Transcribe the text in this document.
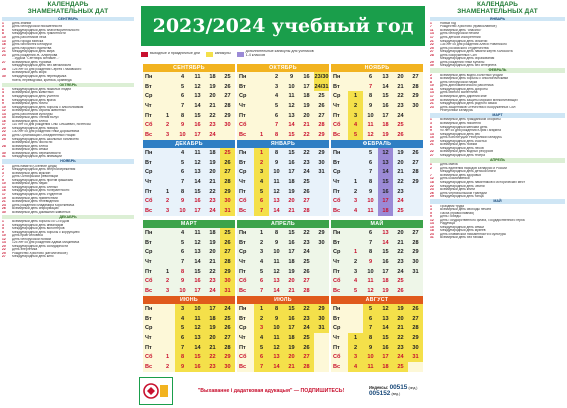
КАЛЕНДАРЬ
ЗНАМЕНАТЕЛЬНЫХ ДАТ
СЕНТЯБРЬ
1 День знаний
3 День белорусской письменности
6 Международный день благотворительности
8 Международный день грамотности
10 День работников леса
13 День города Минска
16 День библиотек Беларуси
17 День народного единства
21 Международный день мира
23 День рождения Ж. Алфёрова
...судьба "Сентябрь Великие..."
27 Всемирный день туризма
Международный день без автомобиля
28 125 лет со дня рождения Сергея Глазовского
Всемирный день моря
30 Международный день переводчика
поэта, переводчика, критика, краеведа
ОКТЯБРЬ
1 Международный день пожилых людей
4 Всемирный день животных
5 Международный день учителя
6 Международный день врача
9 Всемирный день почты
10 Международный день борьбы с алкоголизмом
12 Всемирный день охраны животных
14 День работников культуры
15 Всемирный день чтения вслух
16 Всемирный день хлеба
17 110 лет со дня рождения Олы Ольшевич, поэтессы
20 Международный день повара
22 130 лет со дня рождения Янки Дорошевича
24 День Организации Объединённых Наций
25 Международный день школьных библиотек
Всемирный день числа пи
28 Всемирный день хлеба
Всемирный день семьи
30 Всемирный день бережливости
31 Международный день анимации
НОЯБРЬ
1 День памяти (Осенние Деды)
2 Международный день энергосбережения
3 Всемирный день мужчин
7 День Октябрьской революции
9 Международный день против фашизма
10 Всемирный день науки
13 Международный день слепых
16 Международный день толерантности
17 Международный день студентов
19 Всемирный день приветствий
21 Всемирный день телевидения
24 День рождения Владимира Короткевича
26 Всемирный день информации
30 Всемирный день домашних животных
ДЕКАБРЬ
1 Всемирный день борьбы со СПИДом
3 Международный день инвалидов
5 Международный день волонтёров
9 Международный день борьбы с коррупцией
10 День прав человека
12 День белорусской поэзии
14 125 лет со дня рождения Адама Мицкевича
20 Международный день солидарности
22 День энергетика
25 Рождество Христово (католическое)
27 Международный день кино
2023/2024 учебный год
выходные и праздничные дни	каникулы	дополнительные каникулы для учеников 1-4 классов
СЕНТЯБРЬ
Пн	4	11	18	25
Вт	5	12	19	26
Ср	6	13	20	27
Чт	7	14	21	28
Пт	1	8	15	22	29
Сб	2	9	16	23	30
Вс	3	10	17	24
ОКТЯБРЬ
Пн	2	9	16 23/30
Вт	3	10	17 24/31
Ср	4	11	18	25
Чт	5	12	19	26
Пт	6	13	20	27
Сб	7	14	21	28
Вс	1	8	15	22	29
НОЯБРЬ
Пн	6	13	20	27
Вт	7	14	21	28
Ср	1	8	15	22	29
Чт	2	9	16	23	30
Пт	3	10	17	24
Сб	4	11	18	25
Вс	5	12	19	26
ДЕКАБРЬ
Пн	4	11	18	25
Вт	5	12	19	26
Ср	6	13	20	27
Чт	7	14	21	28
Пт	1	8	15	22	29
Сб	2	9	16	23	30
Вс	3	10	17	24	31
ЯНВАРЬ
Пн	1	8	15	22	29
Вт	2	9	16	23	30
Ср	3	10	17	24	31
Чт	4	11	18	25
Пт	5	12	19	26
Сб	6	13	20	27
Вс	7	14	21	28
ФЕВРАЛЬ
Пн	5	12	19	26
Вт	6	13	20	27
Ср	7	14	21	28
Чт	1	8	15	22	29
Пт	2	9	16	23
Сб	3	10	17	24
Вс	4	11	18	25
МАРТ
Пн	4	11	18	25
Вт	5	12	19	26
Ср	6	13	20	27
Чт	7	14	21	28
Пт	1	8	15	22	29
Сб	2	9	16	23	30
Вс	3	10	17	24	31
АПРЕЛЬ
Пн	1	8	15	22	29
Вт	2	9	16	23	30
Ср	3	10	17	24
Чт	4	11	18	25
Пт	5	12	19	26
Сб	6	13	20	27
Вс	7	14	21	28
МАЙ
Пн	6	13	20	27
Вт	7	14	21	28
Ср	1	8	15	22	29
Чт	2	9	16	23	30
Пт	3	10	17	24	31
Сб	4	11	18	25
Вс	5	12	19	26
ИЮНЬ
Пн	3	10	17	24
Вт	4	11	18	25
Ср	5	12	19	26
Чт	6	13	20	27
Пт	7	14	21	28
Сб	1	8	15	22	29
Вс	2	9	16	23	30
ИЮЛЬ
Пн	1	8	15	22	29
Вт	2	9	16	23	30
Ср	3	10	17	24	31
Чт	4	11	18	25
Пт	5	12	19	26
Сб	6	13	20	27
Вс	7	14	21	28
АВГУСТ
Пн	5	12	19	26
Вт	6	13	20	27
Ср	7	14	21	28
Чт	1	8	15	22	29
Пт	2	9	16	23	30
Сб	3	10	17	24	31
Вс	4	11	18	25
"Выхаванне і дадатковая адукацыя" — ПОДПИШИТЕСЬ!
Индексы: 00515 (инд.)
005152 (вед.)
КАЛЕНДАРЬ
ЗНАМЕНАТЕЛЬНЫХ ДАТ
ЯНВАРЬ
1 Новый год
7 Рождество Христово (православное)
11 Всемирный день "спасибо"
14 День белорусской печати
17 День детских изобретений
21 Международный день объятий
22 135 лет со дня рождения Алеся Ровинского
25 День российского студенчества
27 Международный день памяти жертв Холокоста
28 День Вооружённых Сил
Международный день образования
29 День рождения Янки Купалы
30 Международный день без интернета
ФЕВРАЛЬ
2 Всемирный день водно-болотных угодий
4 Всемирный день борьбы с онкологическими
8 День белорусской науки
10 День дипломатического работника
11 Международный день доброты
14 День святого Валентина
17 Всемирный день дарения книг
19 Всемирный день защиты морских млекопитающих
21 Международный день родного языка
23 День защитников Отечества и Вооружённых Сил
Республики Беларусь
МАРТ
1 Всемирный день гражданской обороны
3 Всемирный день писателя
8 Международный женский день
9 90 лет со дня рождения Юрия Гагарина
14 Международный день рек
15 День Конституции Республики Беларусь
20 Международный день счастья
21 Всемирный день поэзии
Международный день лесов
22 Всемирный день водных ресурсов
27 Международный день театра
АПРЕЛЬ
1 День смеха
2 День единения народов Беларуси и России
Международный день детской книги
7 Всемирный день здоровья
12 День космонавтики
18 Международный день памятников и исторических мест
22 Международный день Земли
23 Всемирный день книги
26 День чернобыльской трагедии
29 Международный день танца
МАЙ
1 Праздник труда
3 Всемирный день свободы печати
5 Пасха (православная)
9 День Победы
12 День Государственного флага, Государственного герба
14 Радуница
15 Международный день семьи
18 Международный день музеев
24 День славянской письменности и культуры
31 Всемирный день без табака
